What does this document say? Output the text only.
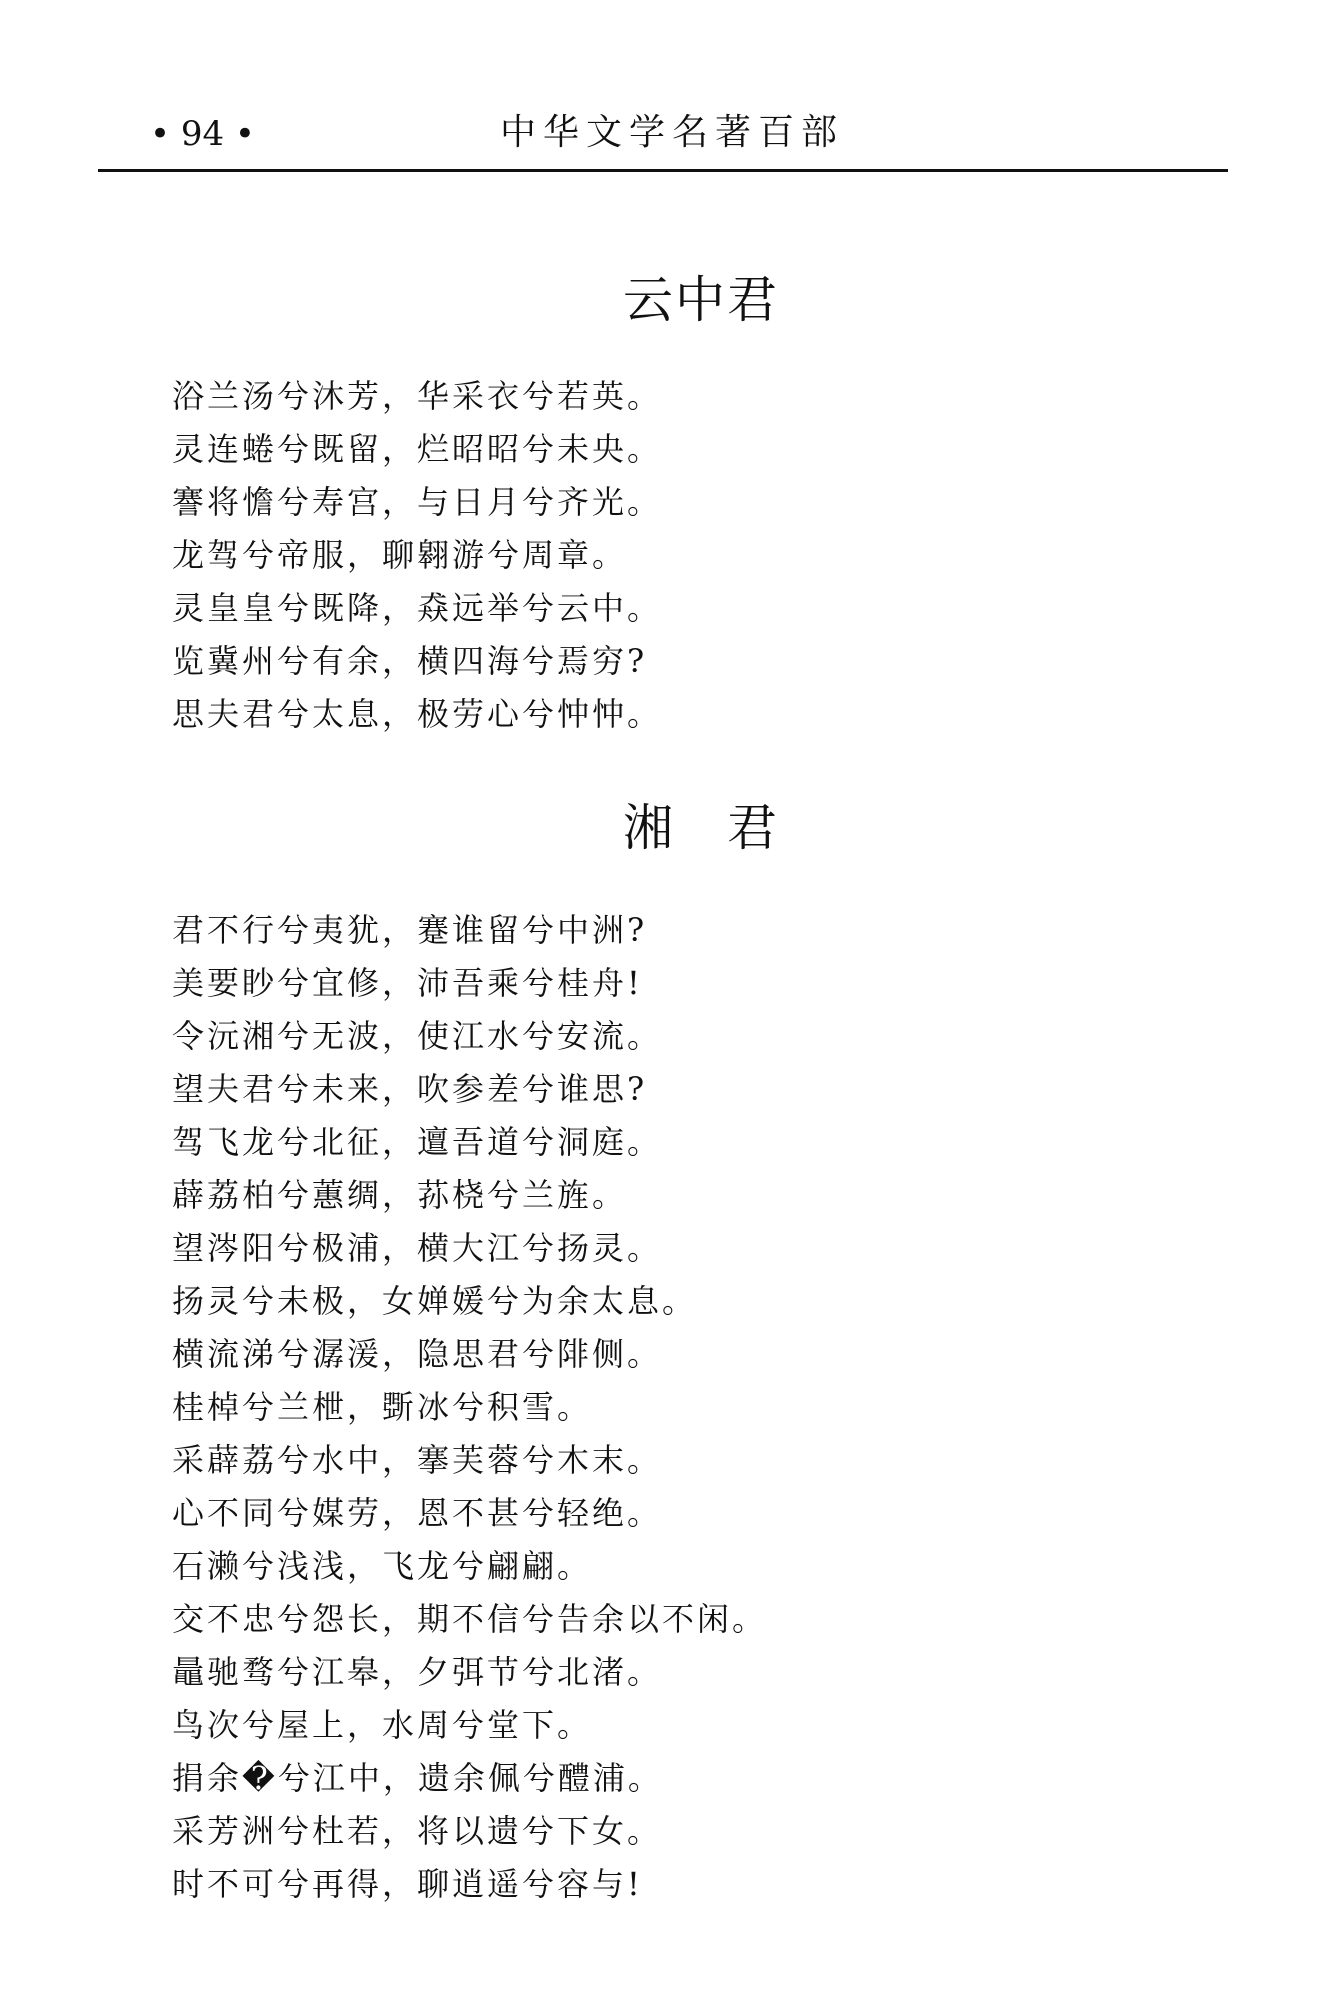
• 94 •	中华文学名著百部
云中君
浴兰汤兮沐芳，华采衣兮若英。
灵连蜷兮既留，烂昭昭兮未央。
謇将憺兮寿宫，与日月兮齐光。
龙驾兮帝服，聊翱游兮周章。
灵皇皇兮既降，猋远举兮云中。
览冀州兮有余，横四海兮焉穷?
思夫君兮太息，极劳心兮忡忡。
湘　君
君不行兮夷犹，蹇谁留兮中洲?
美要眇兮宜修，沛吾乘兮桂舟!
令沅湘兮无波，使江水兮安流。
望夫君兮未来，吹参差兮谁思?
驾飞龙兮北征，邅吾道兮洞庭。
薜荔柏兮蕙绸，荪桡兮兰旌。
望涔阳兮极浦，横大江兮扬灵。
扬灵兮未极，女婵媛兮为余太息。
横流涕兮潺湲，隐思君兮陫侧。
桂棹兮兰枻，斲冰兮积雪。
采薜荔兮水中，搴芙蓉兮木末。
心不同兮媒劳，恩不甚兮轻绝。
石濑兮浅浅，飞龙兮翩翩。
交不忠兮怨长，期不信兮告余以不闲。
鼂驰骛兮江皋，夕弭节兮北渚。
鸟次兮屋上，水周兮堂下。
捐余�兮江中，遗余佩兮醴浦。
采芳洲兮杜若，将以遗兮下女。
时不可兮再得，聊逍遥兮容与!
